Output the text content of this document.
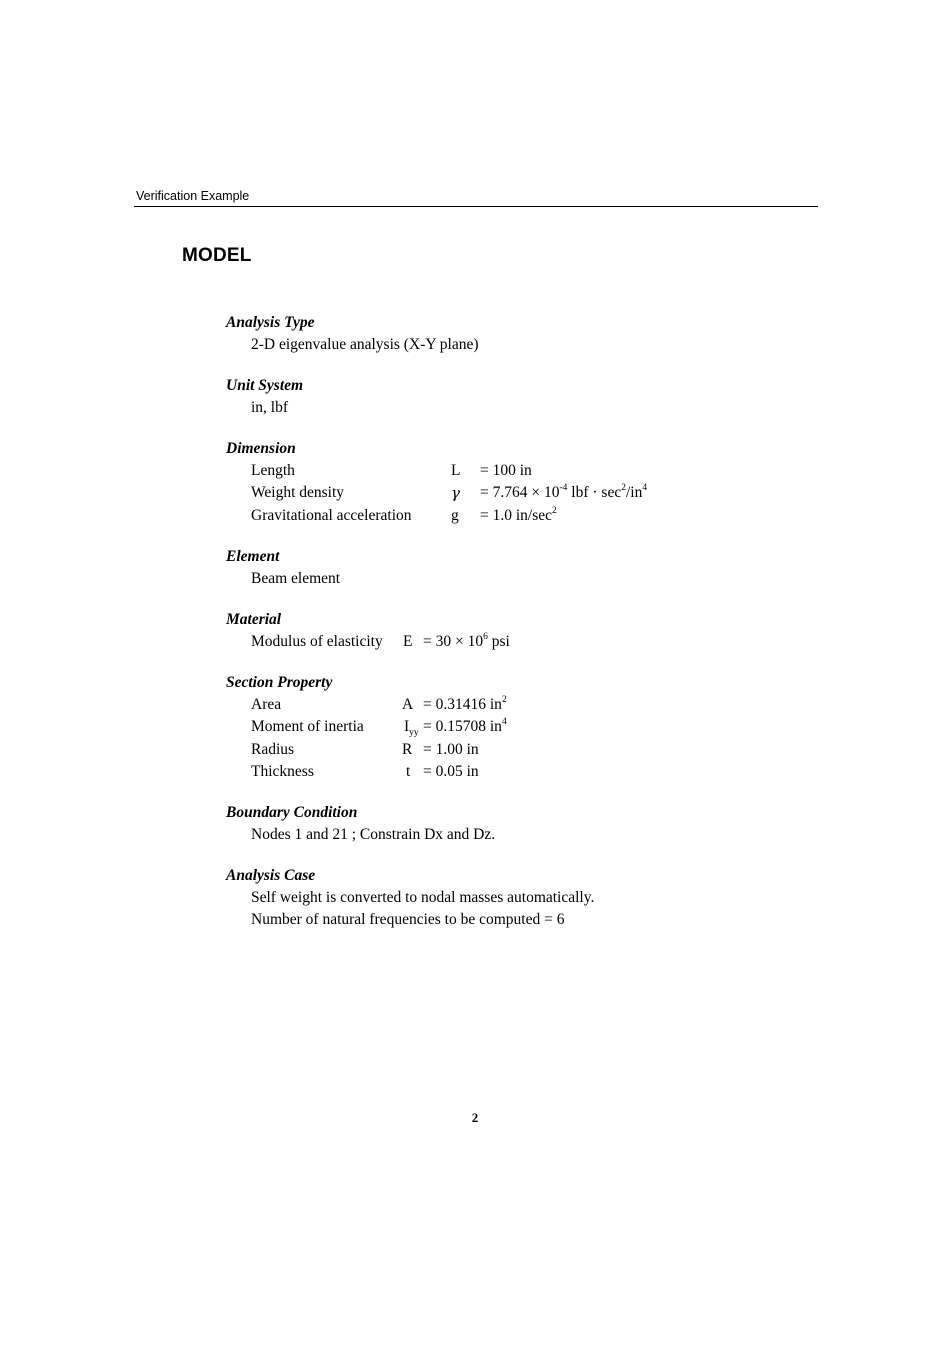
Verification Example
MODEL
Analysis Type
2-D eigenvalue analysis (X-Y plane)
Unit System
in, lbf
Dimension
Length	L = 100 in
Weight density	$\gamma = 7.764 \times 10^{-4}$ lbf · $\sec^2/in^4$
Gravitational acceleration	g = 1.0 $in/\sec^2$
Element
Beam element
Material
Modulus of elasticity $E = 30 \times 10^6$ psi
Section Property
Area	A = 0.31416 $in^2$
Moment of inertia	$I_{yy} = 0.15708$ $in^4$
Radius	R = 1.00 in
Thickness	t = 0.05 in
Boundary Condition
Nodes 1 and 21 ; Constrain Dx and Dz.
Analysis Case
Self weight is converted to nodal masses automatically.
Number of natural frequencies to be computed = 6
2
